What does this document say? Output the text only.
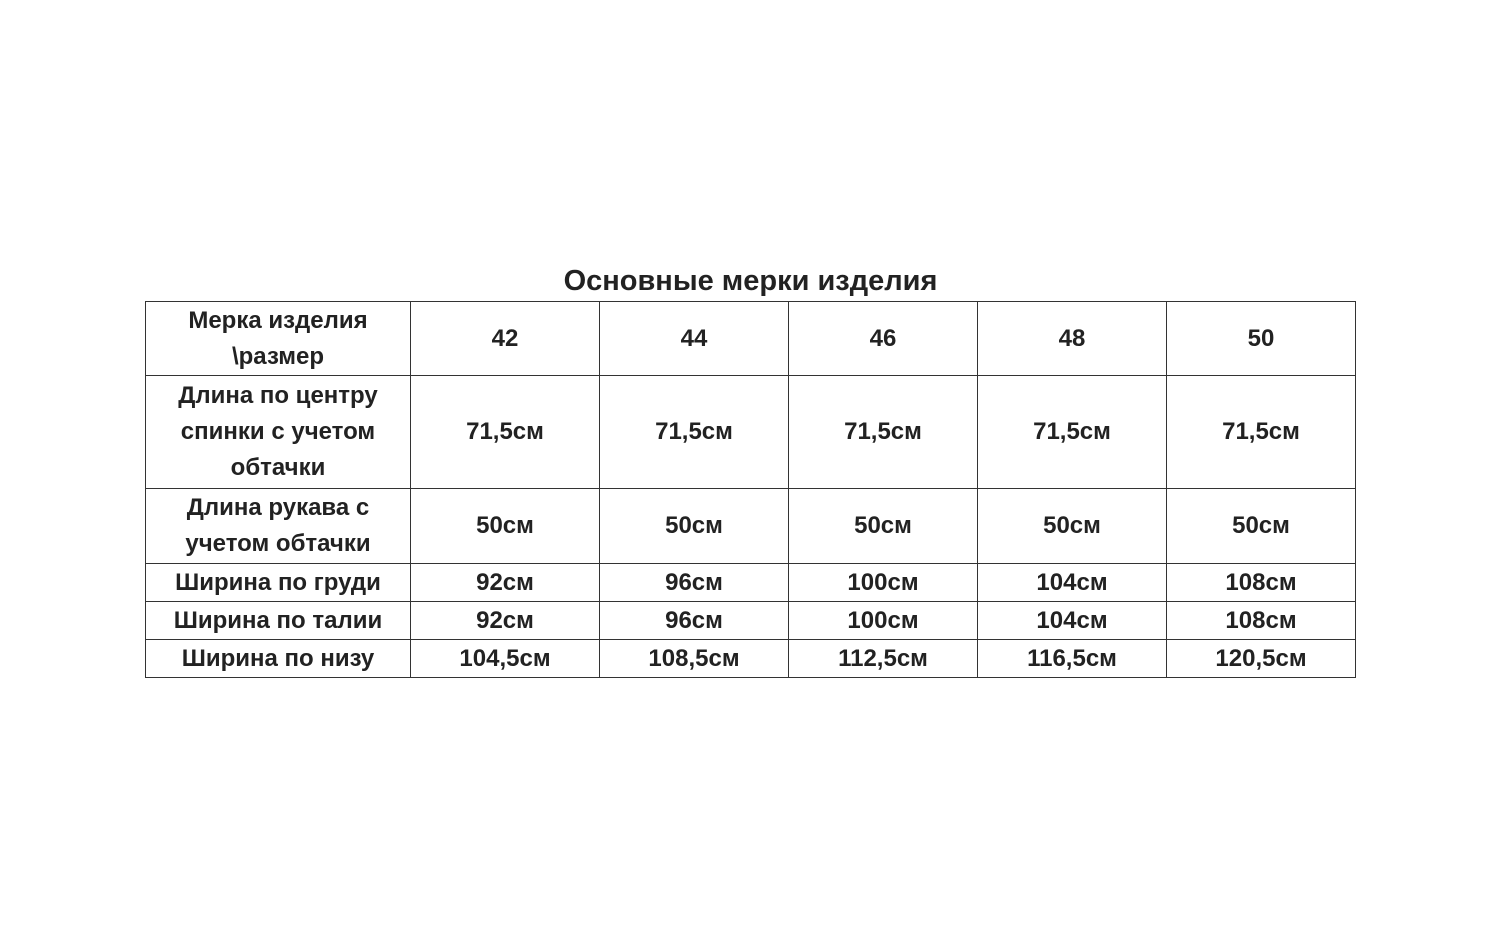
Основные мерки изделия
Мерка изделия \размер	42	44	46	48	50
Длина по центру спинки с учетом обтачки	71,5см	71,5см	71,5см	71,5см	71,5см
Длина рукава с учетом обтачки	50см	50см	50см	50см	50см
Ширина по груди	92см	96см	100см	104см	108см
Ширина по талии	92см	96см	100см	104см	108см
Ширина по низу	104,5см	108,5см	112,5см	116,5см	120,5см
